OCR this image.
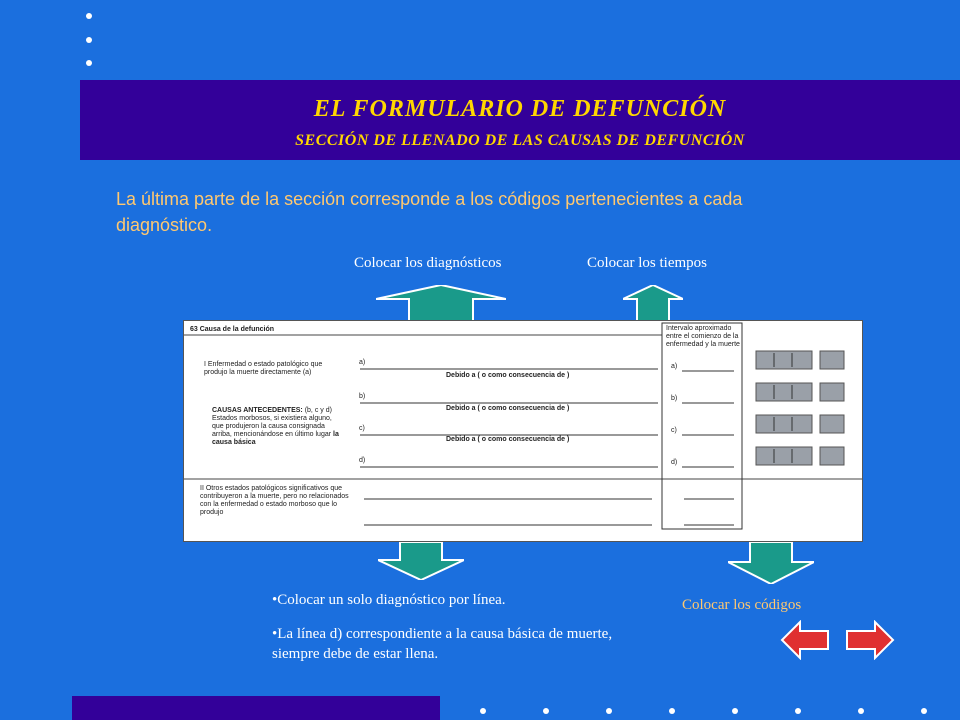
EL FORMULARIO DE DEFUNCIÓN
SECCIÓN DE LLENADO DE LAS CAUSAS DE DEFUNCIÓN
La última parte de la sección corresponde a los códigos pertenecientes a cada diagnóstico.
Colocar los diagnósticos	Colocar los tiempos
63 Causa de la defunción	Intervalo aproximado entre el comienzo de la enfermedad y la muerte
I Enfermedad o estado patológico que produjo la muerte directamente (a)
CAUSAS ANTECEDENTES: (b, c y d) Estados morbosos, si existiera alguno, que produjeron la causa consignada arriba, mencionándose en último lugar la causa básica
II Otros estados patológicos significativos que contribuyeron a la muerte, pero no relacionados con la enfermedad o estado morboso que lo produjo
a)
b)
c)
d)
a)
b)
c)
d)
Debido a ( o como consecuencia de )
Debido a ( o como consecuencia de )
Debido a ( o como consecuencia de )

•Colocar un solo diagnóstico por línea.

•La línea d) correspondiente a la causa básica de muerte, siempre debe de estar llena.

Colocar los códigos
